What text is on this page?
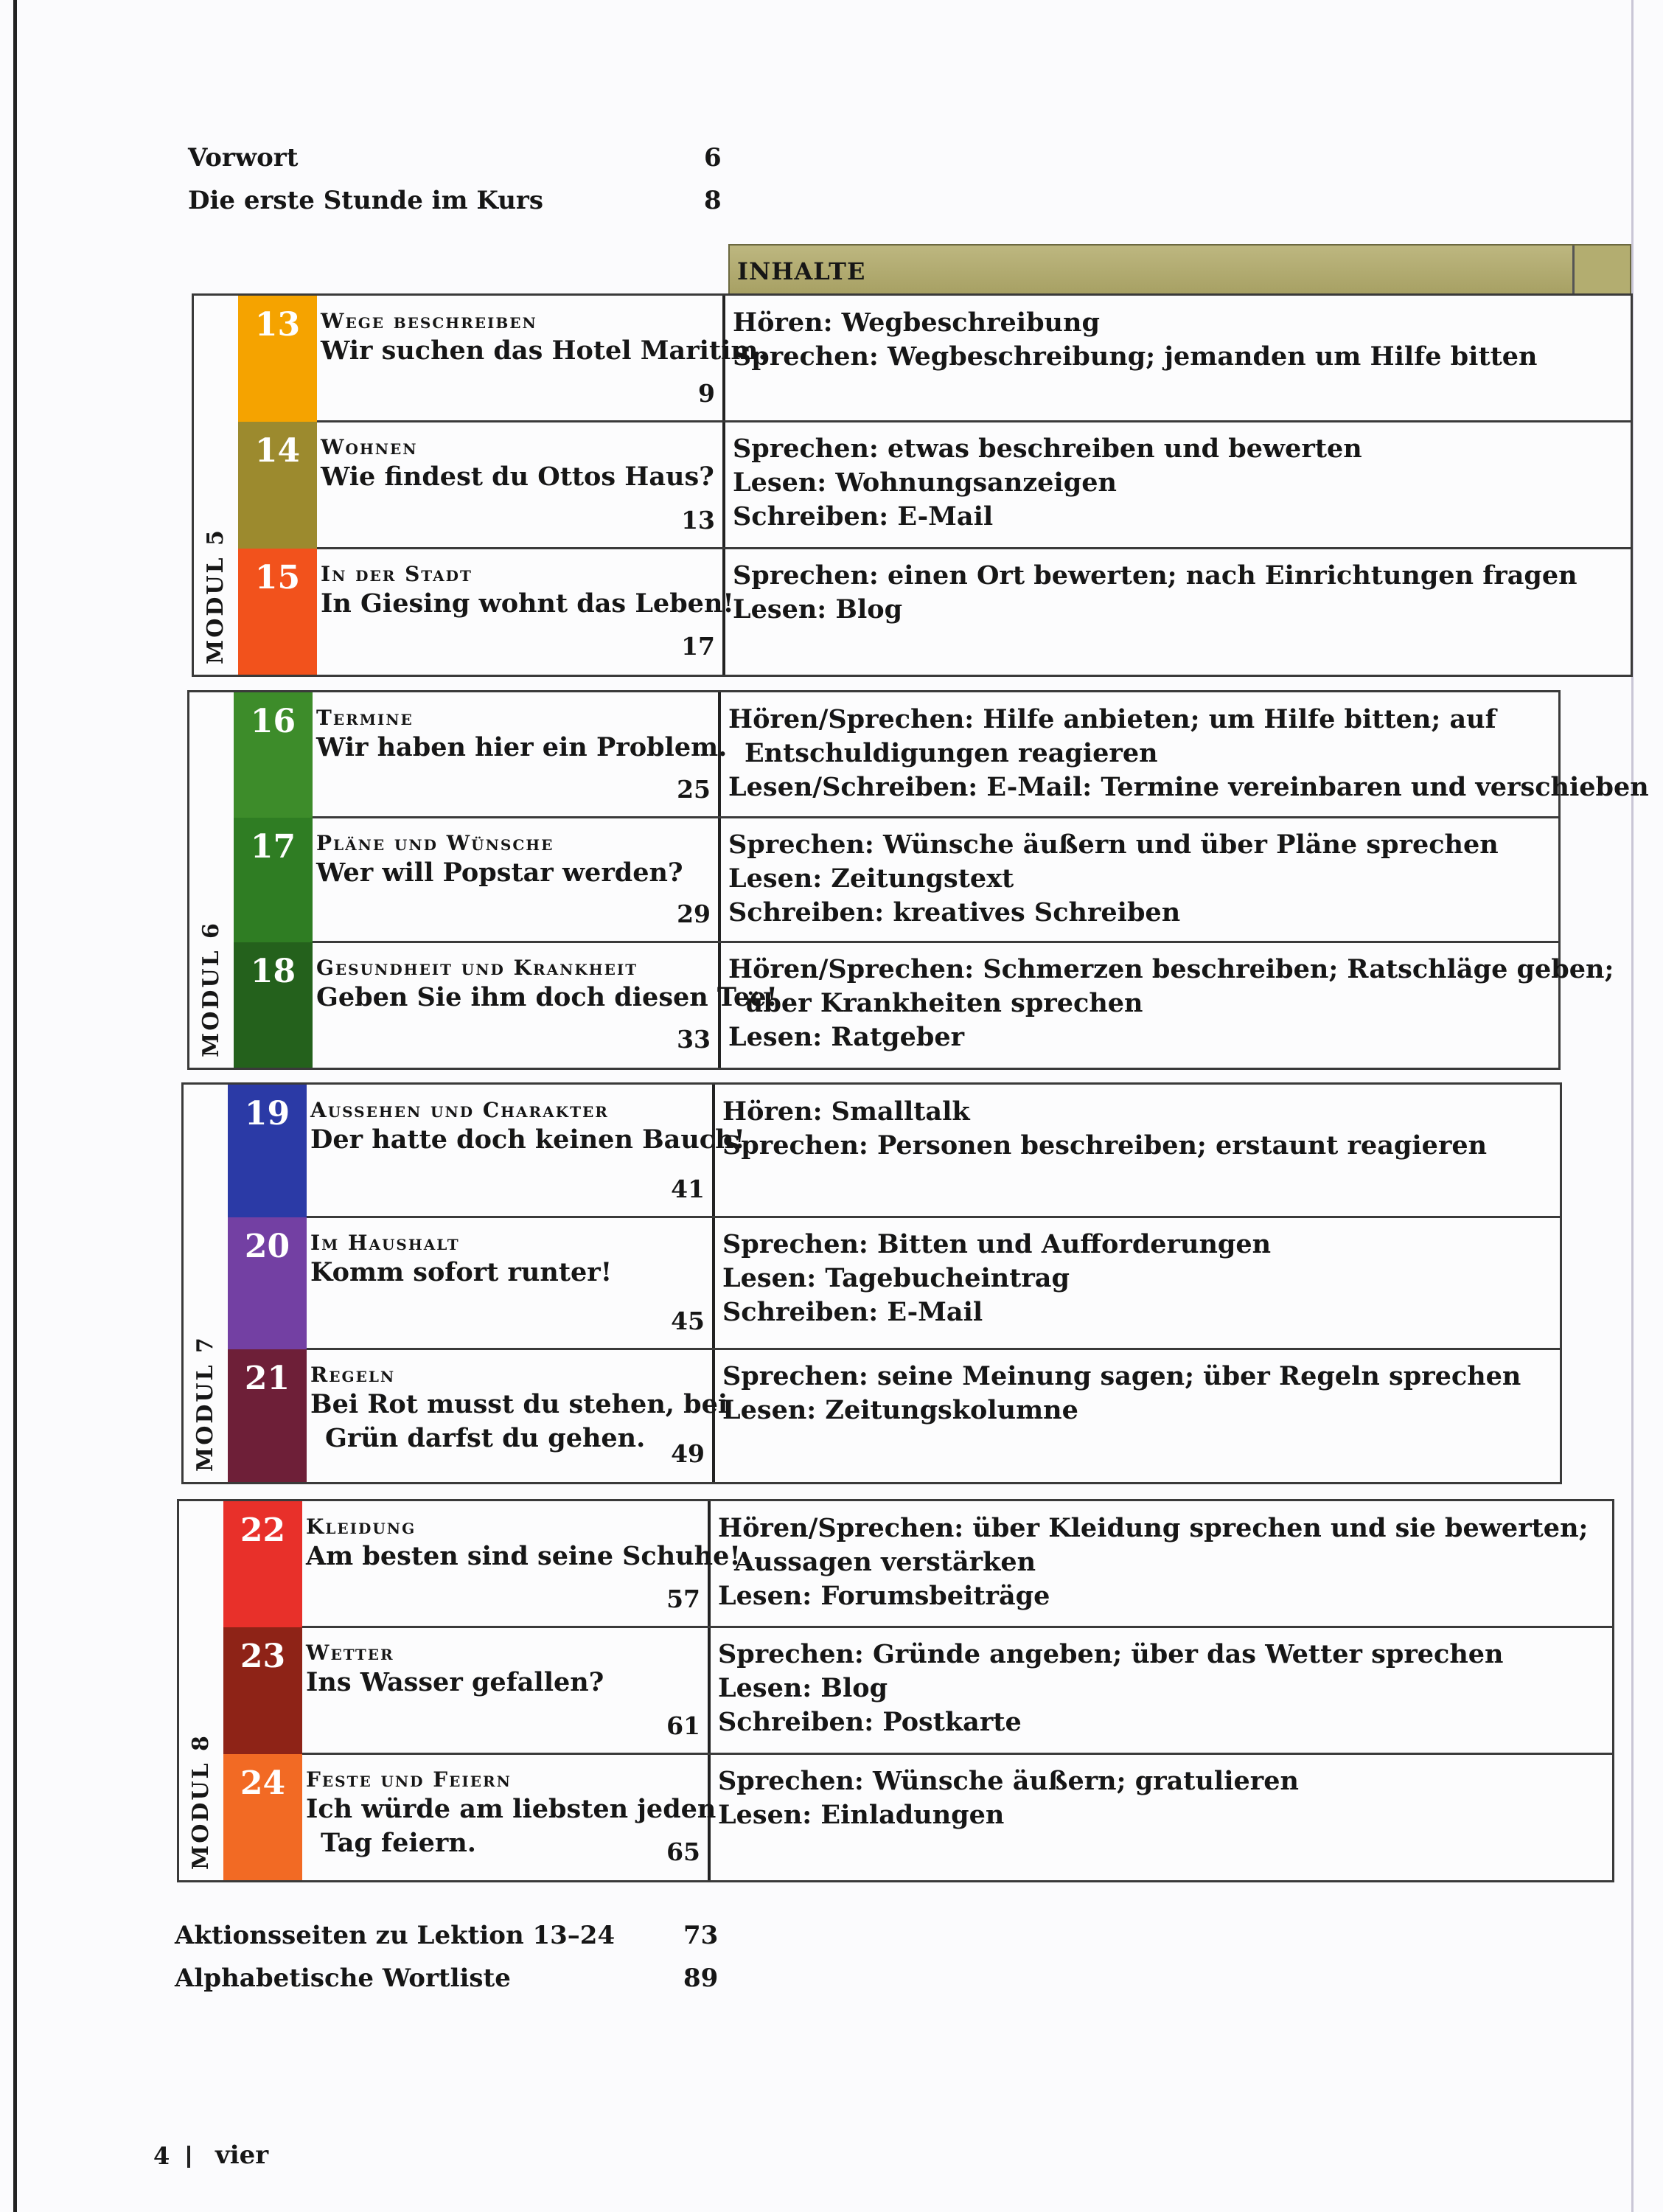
Vorwort	6
Die erste Stunde im Kurs	8
INHALTE
MODUL 5
13 Wege beschreiben
Wir suchen das Hotel Maritim.
9
Hören: Wegbeschreibung
Sprechen: Wegbeschreibung; jemanden um Hilfe bitten
14 Wohnen
Wie findest du Ottos Haus?
13
Sprechen: etwas beschreiben und bewerten
Lesen: Wohnungsanzeigen
Schreiben: E-Mail
15 In der Stadt
In Giesing wohnt das Leben!
17
Sprechen: einen Ort bewerten; nach Einrichtungen fragen
Lesen: Blog
MODUL 6
16 Termine
Wir haben hier ein Problem.
25
Hören/Sprechen: Hilfe anbieten; um Hilfe bitten; auf
Entschuldigungen reagieren
Lesen/Schreiben: E-Mail: Termine vereinbaren und verschieben
17 Pläne und Wünsche
Wer will Popstar werden?
29
Sprechen: Wünsche äußern und über Pläne sprechen
Lesen: Zeitungstext
Schreiben: kreatives Schreiben
18 Gesundheit und Krankheit
Geben Sie ihm doch diesen Tee!
33
Hören/Sprechen: Schmerzen beschreiben; Ratschläge geben;
über Krankheiten sprechen
Lesen: Ratgeber
MODUL 7
19 Aussehen und Charakter
Der hatte doch keinen Bauch!
41
Hören: Smalltalk
Sprechen: Personen beschreiben; erstaunt reagieren
20 Im Haushalt
Komm sofort runter!
45
Sprechen: Bitten und Aufforderungen
Lesen: Tagebucheintrag
Schreiben: E-Mail
21 Regeln
Bei Rot musst du stehen, bei
Grün darfst du gehen.
49
Sprechen: seine Meinung sagen; über Regeln sprechen
Lesen: Zeitungskolumne
MODUL 8
22 Kleidung
Am besten sind seine Schuhe!
57
Hören/Sprechen: über Kleidung sprechen und sie bewerten;
Aussagen verstärken
Lesen: Forumsbeiträge
23 Wetter
Ins Wasser gefallen?
61
Sprechen: Gründe angeben; über das Wetter sprechen
Lesen: Blog
Schreiben: Postkarte
24 Feste und Feiern
Ich würde am liebsten jeden
Tag feiern.	65
Sprechen: Wünsche äußern; gratulieren
Lesen: Einladungen
Aktionsseiten zu Lektion 13–24	73
Alphabetische Wortliste	89
4 vier
